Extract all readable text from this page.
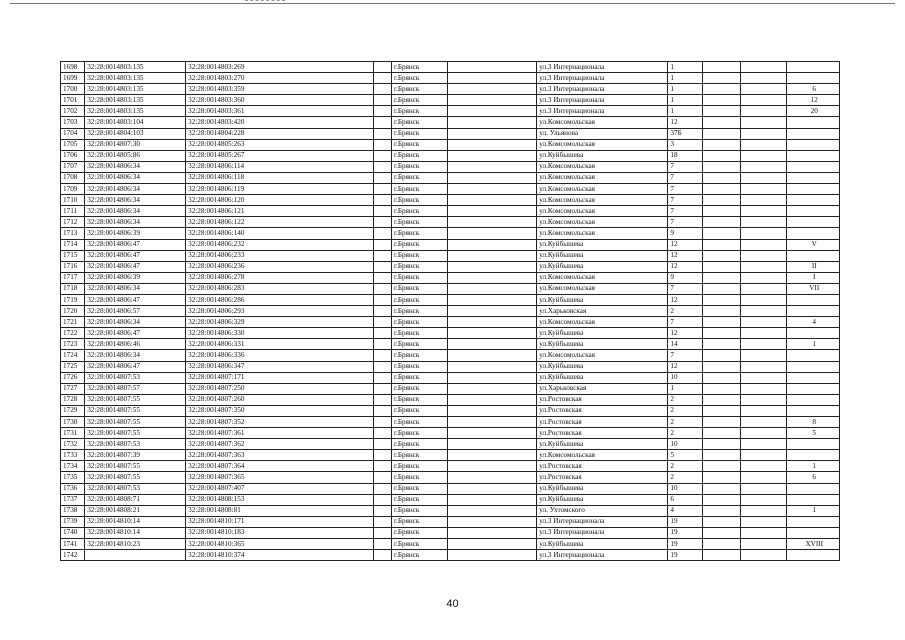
1698	32:28:0014803:135	32:28:0014803:269		г.Брянск		ул.3 Интернационала	1			
1699	32:28:0014803:135	32:28:0014803:270		г.Брянск		ул.3 Интернационала	1			
1700	32:28:0014803:135	32:28:0014803:359		г.Брянск		ул.3 Интернационала	1			6
1701	32:28:0014803:135	32:28:0014803:360		г.Брянск		ул.3 Интернационала	1			12
1702	32:28:0014803:135	32:28:0014803:361		г.Брянск		ул.3 Интернационала	1			20
1703	32:28:0014803:104	32:28:0014803:420		г.Брянск		ул.Комсомольская	12			
1704	32:28:0014804:103	32:28:0014804:228		г.Брянск		ул. Ульянова	37Б			
1705	32:28:0014807:30	32:28:0014805:263		г.Брянск		ул.Комсомольская	3			
1706	32:28:0014805:86	32:28:0014805:267		г.Брянск		ул.Куйбышева	18			
1707	32:28:0014806:34	32:28:0014806:114		г.Брянск		ул.Комсомольская	7			
1708	32:28:0014806:34	32:28:0014806:118		г.Брянск		ул.Комсомольская	7			
1709	32:28:0014806:34	32:28:0014806:119		г.Брянск		ул.Комсомольская	7			
1710	32:28:0014806:34	32:28:0014806:120		г.Брянск		ул.Комсомольская	7			
1711	32:28:0014806:34	32:28:0014806:121		г.Брянск		ул.Комсомольская	7			
1712	32:28:0014806:34	32:28:0014806:122		г.Брянск		ул.Комсомольская	7			
1713	32:28:0014806:39	32:28:0014806:140		г.Брянск		ул.Комсомольская	9			
1714	32:28:0014806:47	32:28:0014806:232		г.Брянск		ул.Куйбышева	12			V
1715	32:28:0014806:47	32:28:0014806:233		г.Брянск		ул.Куйбышева	12			
1716	32:28:0014806:47	32:28:0014806:236		г.Брянск		ул.Куйбышева	12			II
1717	32:28:0014806:39	32:28:0014806:278		г.Брянск		ул.Комсомольская	9			I
1718	32:28:0014806:34	32:28:0014806:283		г.Брянск		ул.Комсомольская	7			VII
1719	32:28:0014806:47	32:28:0014806:286		г.Брянск		ул.Куйбышева	12			
1720	32:28:0014806:57	32:28:0014806:293		г.Брянск		ул.Харьковская	2			
1721	32:28:0014806:34	32:28:0014806:329		г.Брянск		ул.Комсомольская	7			4
1722	32:28:0014806:47	32:28:0014806:330		г.Брянск		ул.Куйбышева	12			
1723	32:28:0014806:46	32:28:0014806:331		г.Брянск		ул.Куйбышева	14			1
1724	32:28:0014806:34	32:28:0014806:336		г.Брянск		ул.Комсомольская	7			
1725	32:28:0014806:47	32:28:0014806:347		г.Брянск		ул.Куйбышева	12			
1726	32:28:0014807:53	32:28:0014807:171		г.Брянск		ул.Куйбышева	10			
1727	32:28:0014807:57	32:28:0014807:250		г.Брянск		ул.Харьковская	1			
1728	32:28:0014807:55	32:28:0014807:260		г.Брянск		ул.Ростовская	2			
1729	32:28:0014807:55	32:28:0014807:350		г.Брянск		ул.Ростовская	2			
1730	32:28:0014807:55	32:28:0014807:352		г.Брянск		ул.Ростовская	2			8
1731	32:28:0014807:55	32:28:0014807:361		г.Брянск		ул.Ростовская	2			5
1732	32:28:0014807:53	32:28:0014807:362		г.Брянск		ул.Куйбышева	10			
1733	32:28:0014807:39	32:28:0014807:363		г.Брянск		ул.Комсомольская	5			
1734	32:28:0014807:55	32:28:0014807:364		г.Брянск		ул.Ростовская	2			1
1735	32:28:0014807:55	32:28:0014807:365		г.Брянск		ул.Ростовская	2			6
1736	32:28:0014807:53	32:28:0014807:407		г.Брянск		ул.Куйбышева	10			
1737	32:28:0014808:71	32:28:0014808:153		г.Брянск		ул.Куйбышева	6			
1738	32:28:0014808:21	32:28:0014808:81		г.Брянск		ул. Ухтомского	4			1
1739	32:28:0014810:14	32:28:0014810:171		г.Брянск		ул.3 Интернационала	19			
1740	32:28:0014810:14	32:28:0014810:183		г.Брянск		ул.3 Интернационала	19			
1741	32:28:0014810:23	32:28:0014810:365		г.Брянск		ул.Куйбышева	19			XVIII
1742		32:28:0014810:374		г.Брянск		ул.3 Интернационала	19			
40
